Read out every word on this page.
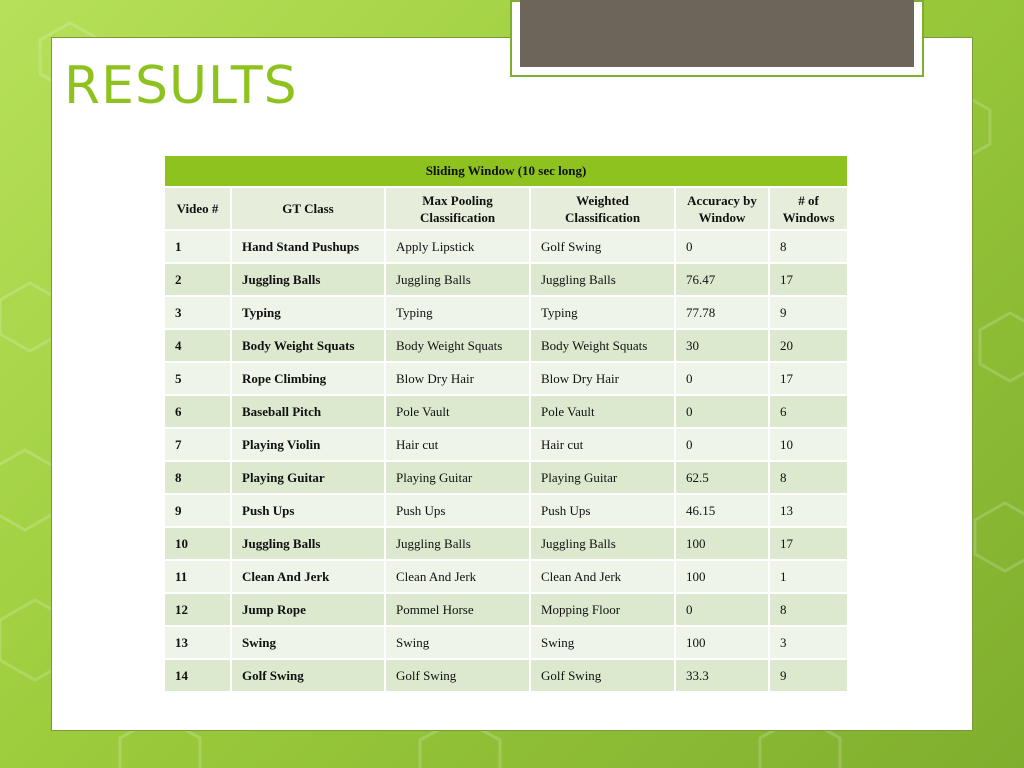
RESULTS
Sliding Window (10 sec long)					
Video #	GT Class	Max Pooling Classification	Weighted Classification	Accuracy by Window	# of Windows
1	Hand Stand Pushups	Apply Lipstick	Golf Swing	0	8
2	Juggling Balls	Juggling Balls	Juggling Balls	76.47	17
3	Typing	Typing	Typing	77.78	9
4	Body Weight Squats	Body Weight Squats	Body Weight Squats	30	20
5	Rope Climbing	Blow Dry Hair	Blow Dry Hair	0	17
6	Baseball Pitch	Pole Vault	Pole Vault	0	6
7	Playing Violin	Hair cut	Hair cut	0	10
8	Playing Guitar	Playing Guitar	Playing Guitar	62.5	8
9	Push Ups	Push Ups	Push Ups	46.15	13
10	Juggling Balls	Juggling Balls	Juggling Balls	100	17
11	Clean And Jerk	Clean And Jerk	Clean And Jerk	100	1
12	Jump Rope	Pommel Horse	Mopping Floor	0	8
13	Swing	Swing	Swing	100	3
14	Golf Swing	Golf Swing	Golf Swing	33.3	9
